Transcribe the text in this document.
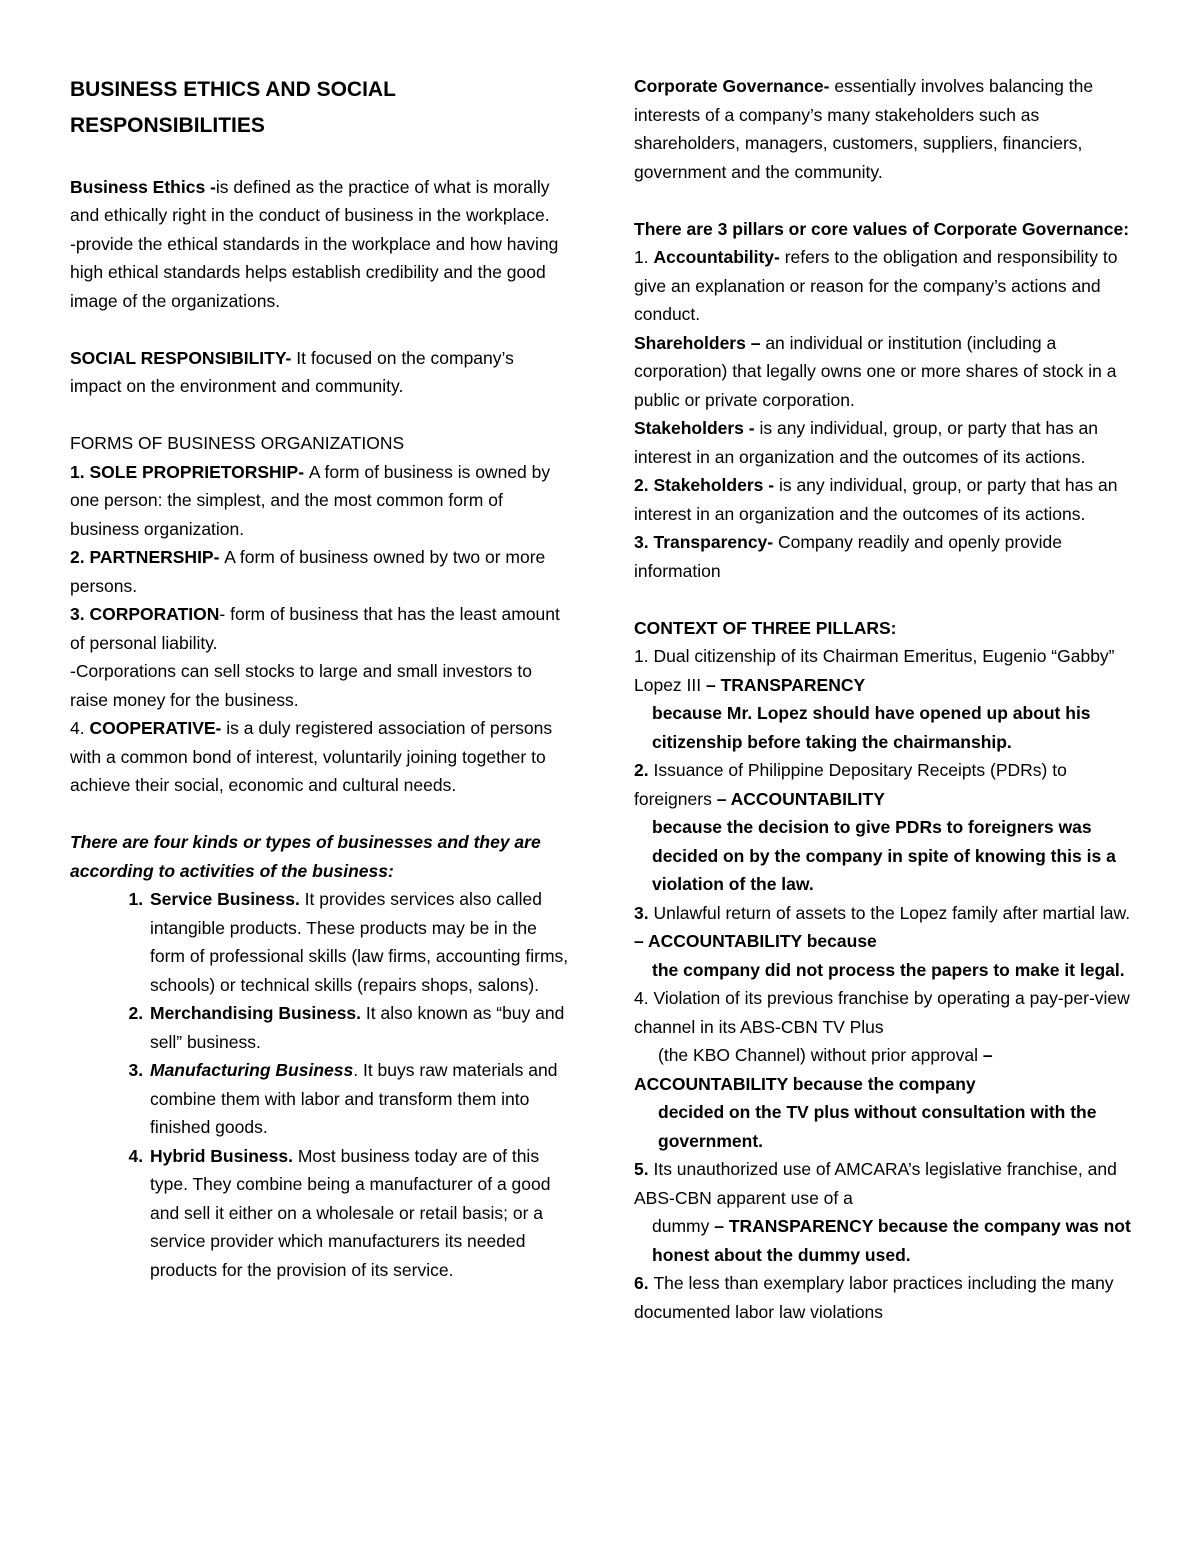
BUSINESS ETHICS AND SOCIAL RESPONSIBILITIES

Business Ethics -is defined as the practice of what is morally and ethically right in the conduct of business in the workplace.

-provide the ethical standards in the workplace and how having high ethical standards helps establish credibility and the good image of the organizations.

SOCIAL RESPONSIBILITY- It focused on the company’s impact on the environment and community.

FORMS OF BUSINESS ORGANIZATIONS

1. SOLE PROPRIETORSHIP- A form of business is owned by one person: the simplest, and the most common form of business organization.

2. PARTNERSHIP- A form of business owned by two or more persons.

3. CORPORATION- form of business that has the least amount of personal liability.

-Corporations can sell stocks to large and small investors to raise money for the business.

4. COOPERATIVE- is a duly registered association of persons with a common bond of interest, voluntarily joining together to achieve their social, economic and cultural needs.

There are four kinds or types of businesses and they are according to activities of the business:

1. Service Business. It provides services also called intangible products. These products may be in the form of professional skills (law firms, accounting firms, schools) or technical skills (repairs shops, salons).
2. Merchandising Business. It also known as “buy and sell” business.
3. Manufacturing Business. It buys raw materials and combine them with labor and transform them into finished goods.
4. Hybrid Business. Most business today are of this type. They combine being a manufacturer of a good and sell it either on a wholesale or retail basis; or a service provider which manufacturers its needed products for the provision of its service.

Corporate Governance- essentially involves balancing the interests of a company’s many stakeholders such as shareholders, managers, customers, suppliers, financiers, government and the community.

There are 3 pillars or core values of Corporate Governance:

1. Accountability- refers to the obligation and responsibility to give an explanation or reason for the company’s actions and conduct.

Shareholders – an individual or institution (including a corporation) that legally owns one or more shares of stock in a public or private corporation.

Stakeholders - is any individual, group, or party that has an interest in an organization and the outcomes of its actions.

2. Stakeholders - is any individual, group, or party that has an interest in an organization and the outcomes of its actions.

3. Transparency- Company readily and openly provide information

CONTEXT OF THREE PILLARS:

1. Dual citizenship of its Chairman Emeritus, Eugenio “Gabby” Lopez III – TRANSPARENCY

because Mr. Lopez should have opened up about his citizenship before taking the chairmanship.

2. Issuance of Philippine Depositary Receipts (PDRs) to foreigners – ACCOUNTABILITY

because the decision to give PDRs to foreigners was decided on by the company in spite of knowing this is a violation of the law.

3. Unlawful return of assets to the Lopez family after martial law. – ACCOUNTABILITY because

the company did not process the papers to make it legal.

4. Violation of its previous franchise by operating a pay-per-view channel in its ABS-CBN TV Plus

(the KBO Channel) without prior approval –

ACCOUNTABILITY because the company

decided on the TV plus without consultation with the government.

5. Its unauthorized use of AMCARA’s legislative franchise, and ABS-CBN apparent use of a

dummy – TRANSPARENCY because the company was not honest about the dummy used.

6. The less than exemplary labor practices including the many documented labor law violations
